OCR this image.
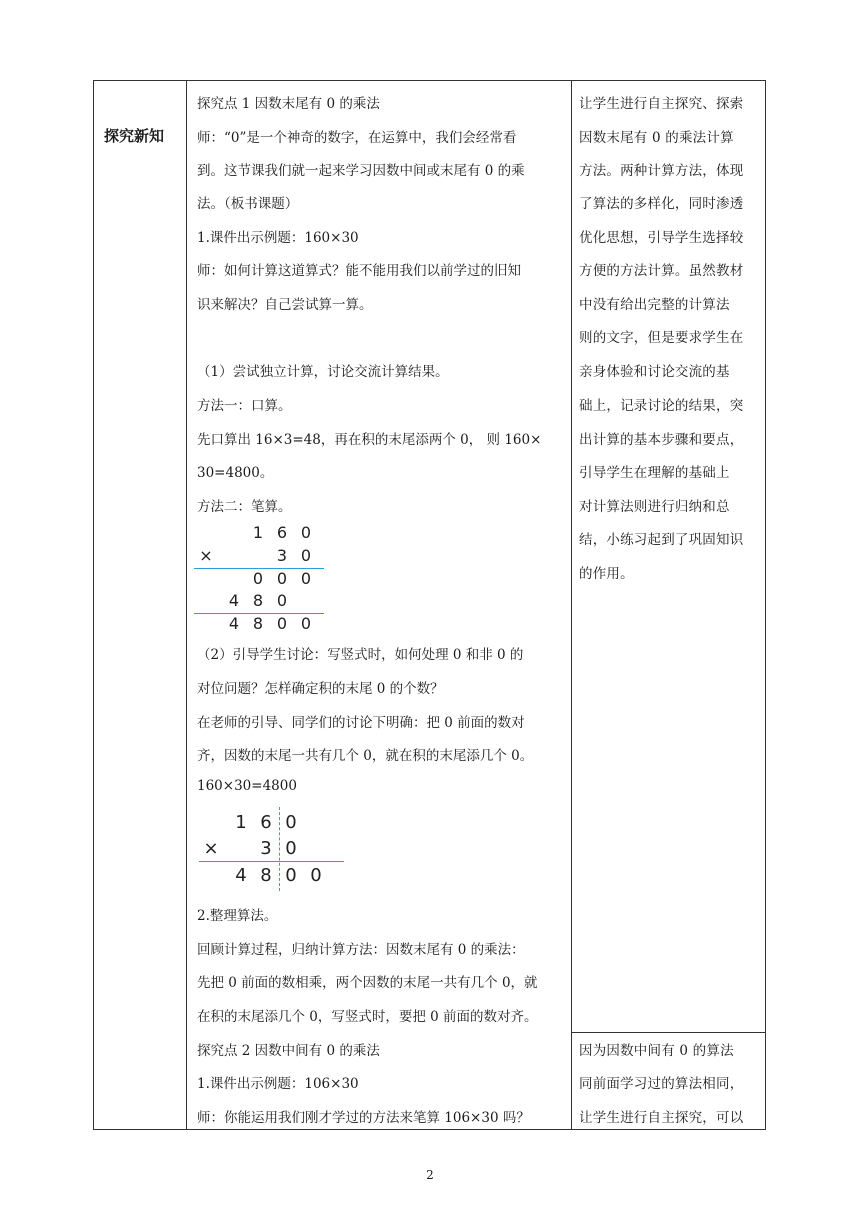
探究新知
探究点 1 因数末尾有 0 的乘法
师：“0”是一个神奇的数字，在运算中，我们会经常看
到。这节课我们就一起来学习因数中间或末尾有 0 的乘
法。（板书课题）
1.课件出示例题：160×30
师：如何计算这道算式？能不能用我们以前学过的旧知
识来解决？自己尝试算一算。
（1）尝试独立计算，讨论交流计算结果。
方法一：口算。
先口算出 16×3=48，再在积的末尾添两个 0， 则 160×
30=4800。
方法二：笔算。
1 6 0
×	3 0
0 0 0
4 8 0
4 8 0 0
（2）引导学生讨论：写竖式时，如何处理 0 和非 0 的
对位问题？怎样确定积的末尾 0 的个数？
在老师的引导、同学们的讨论下明确：把 0 前面的数对
齐，因数的末尾一共有几个 0，就在积的末尾添几个 0。
160×30=4800
1 6 0
×	3 0
4 8 0 0
2.整理算法。
回顾计算过程，归纳计算方法：因数末尾有 0 的乘法：
先把 0 前面的数相乘，两个因数的末尾一共有几个 0，就
在积的末尾添几个 0，写竖式时，要把 0 前面的数对齐。
探究点 2 因数中间有 0 的乘法
1.课件出示例题：106×30
师：你能运用我们刚才学过的方法来笔算 106×30 吗？
让学生进行自主探究、探索
因数末尾有 0 的乘法计算
方法。两种计算方法，体现
了算法的多样化，同时渗透
优化思想，引导学生选择较
方便的方法计算。虽然教材
中没有给出完整的计算法
则的文字，但是要求学生在
亲身体验和讨论交流的基
础上，记录讨论的结果，突
出计算的基本步骤和要点，
引导学生在理解的基础上
对计算法则进行归纳和总
结，小练习起到了巩固知识
的作用。
因为因数中间有 0 的算法
同前面学习过的算法相同，
让学生进行自主探究，可以
2
